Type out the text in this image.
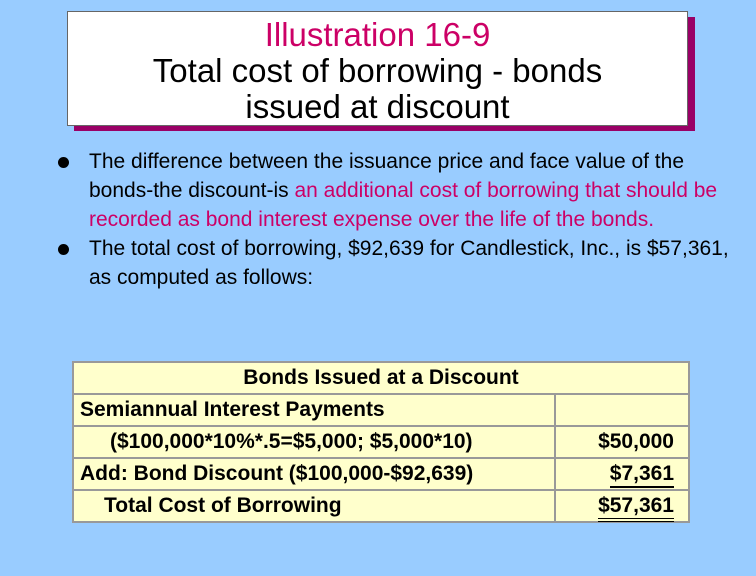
Illustration 16-9
Total cost of borrowing - bonds
issued at discount
The difference between the issuance price and face value of the bonds-the discount-is an additional cost of borrowing that should be recorded as bond interest expense over the life of the bonds.
The total cost of borrowing, $92,639 for Candlestick, Inc., is $57,361, as computed as follows:
Bonds Issued at a Discount	
Semiannual Interest Payments	
($100,000*10%*.5=$5,000; $5,000*10)	$50,000
Add: Bond Discount ($100,000-$92,639)	$7,361
Total Cost of Borrowing	$57,361
